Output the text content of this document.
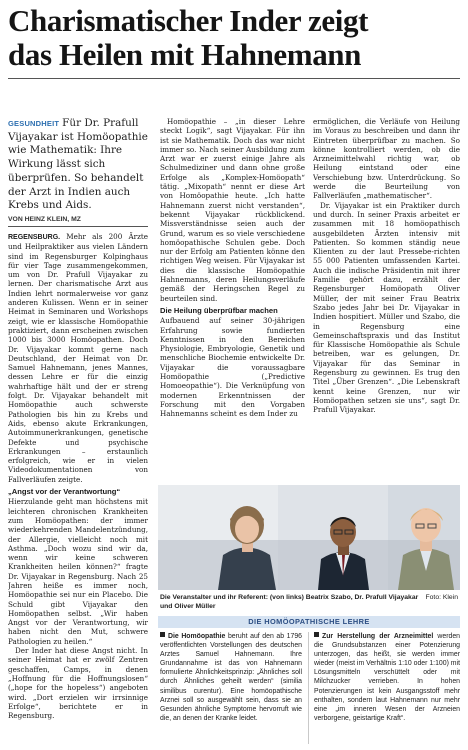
Charismatischer Inder zeigt
das Heilen mit Hahnemann
GESUNDHEIT Für Dr. Prafull Vijayakar ist Homöopathie wie Mathematik: Ihre Wirkung lässt sich überprüfen. So behandelt der Arzt in Indien auch Krebs und Aids.
VON HEINZ KLEIN, MZ

REGENSBURG. Mehr als 200 Ärzte und Heilpraktiker aus vielen Ländern sind im Regensburger Kolpinghaus für vier Tage zusammengekommen, um von Dr. Prafull Vijayakar zu lernen. Der charismatische Arzt aus Indien lehrt normalerweise vor ganz anderen Kulissen. Wenn er in seiner Heimat in Seminaren und Workshops zeigt, wie er klassische Homöopathie praktiziert, dann erscheinen zwischen 1000 bis 3000 Homöopathen. Doch Dr. Vijayakar kommt gerne nach Deutschland, der Heimat von Dr. Samuel Hahnemann, jenes Mannes, dessen Lehre er für die einzig wahrhaftige hält und der er streng folgt. Dr. Vijayakar behandelt mit Homöopathie auch schwerste Pathologien bis hin zu Krebs und Aids, ebenso akute Erkrankungen, Autoimmunerkrankungen, genetische Defekte und psychische Erkrankungen – erstaunlich erfolgreich, wie er in vielen Videodokumentationen von Fallverläufen zeigte.

„Angst vor der Verantwortung“

Hierzulande geht man höchstens mit leichteren chronischen Krankheiten zum Homöopathen: der immer wiederkehrenden Mandelentzündung, der Allergie, vielleicht noch mit Asthma. „Doch wozu sind wir da, wenn wir keine schweren Krankheiten heilen können?“ fragte Dr. Vijayakar in Regensburg. Nach 25 Jahren heiße es immer noch, Homöopathie sei nur ein Placebo. Die Schuld gibt Vijayakar den Homöopathen selbst. „Wir haben Angst vor der Verantwortung, wir haben nicht den Mut, schwere Pathologien zu heilen.“

Der Inder hat diese Angst nicht. In seiner Heimat hat er zwölf Zentren geschaffen, Camps, in denen „Hoffnung für die Hoffnungslosen“ („hope for the hopeless“) angeboten wird. „Dort erzielen wir irrsinnige Erfolge“, berichtete er in Regensburg.

Homöopathie – „in dieser Lehre steckt Logik“, sagt Vijayakar. Für ihn ist sie Mathematik. Doch das war nicht immer so. Nach seiner Ausbildung zum Arzt war er zuerst einige Jahre als Schulmediziner und dann ohne große Erfolge als „Komplex-Homöopath“ tätig. „Mixopath“ nennt er diese Art von Homöopathie heute. „Ich hatte Hahnemann zuerst nicht verstanden“, bekennt Vijayakar rückblickend. Missverständnisse seien auch der Grund, warum es so viele verschiedene homöopathische Schulen gebe. Doch nur der Erfolg am Patienten könne den richtigen Weg weisen. Für Vijayakar ist dies die klassische Homöopathie Hahnemanns, deren Heilungsverläufe gemäß der Heringschen Regel zu beurteilen sind.

Die Heilung überprüfbar machen

Aufbauend auf seiner 30-jährigen Erfahrung sowie fundierten Kenntnissen in den Bereichen Physiologie, Embryologie, Genetik und menschliche Biochemie entwickelte Dr. Vijayakar die voraussagbare Homöopathie („Predictive Homoeopathie“). Die Verknüpfung von modernen Erkenntnissen der Forschung mit den Vorgaben Hahnemanns scheint es dem Inder zu

ermöglichen, die Verläufe von Heilung im Voraus zu beschreiben und dann ihr Eintreten überprüfbar zu machen. So könne kontrolliert werden, ob die Arzneimittelwahl richtig war, ob Heilung eintstand oder eine Verschiebung bzw. Unterdrückung. So werde die Beurteilung von Fallverläufen „mathematischer“.

Dr. Vijayakar ist ein Praktiker durch und durch. In seiner Praxis arbeitet er zusammen mit 18 homöopathisch ausgebildeten Ärzten intensiv mit Patienten. So kommen ständig neue Klienten zu der laut Pressebe-richten 55 000 Patienten umfassenden Kartei. Auch die indische Präsidentin mit ihrer Familie gehört dazu, erzählt der Regensburger Homöopath Oliver Müller, der mit seiner Frau Beatrix Szabo jedes Jahr bei Dr. Vijayakar in Indien hospitiert. Müller und Szabo, die in Regensburg eine Gemeinschaftspraxis und das Institut für Klassische Homöopathie als Schule betreiben, war es gelungen, Dr. Vijayakar für das Seminar in Regensburg zu gewinnen. Es trug den Titel „Über Grenzen“. „Die Lebenskraft kennt keine Grenzen, nur wir Homöopathen setzen sie uns“, sagt Dr. Prafull Vijayakar.

Foto: Klein
Die Veranstalter und ihr Referent: (von links) Beatrix Szabo, Dr. Prafull Vijayakar und Oliver Müller
DIE HOMÖOPATHISCHE LEHRE
Die Homöopathie beruht auf den ab 1796 veröffentlichten Vorstellungen des deutschen Arztes Samuel Hahnemann. Ihre Grundannahme ist das von Hahnemann formulierte Ähnlichkeitsprinzip: „Ähnliches soll durch Ähnliches geheilt werden“ (similia similibus curentur). Eine homöopathische Arznei soll so ausgewählt sein, dass sie an Gesunden ähnliche Symptome hervorruft wie die, an denen der Kranke leidet.
Zur Herstellung der Arzneimittel werden die Grundsubstanzen einer Potenzierung unterzogen, das heißt, sie werden immer wieder (meist im Verhältnis 1:10 oder 1:100) mit Lösungsmitteln verschüttelt oder mit Milchzucker verrieben. In hohen Potenzierungen ist kein Ausgangsstoff mehr enthalten, sondern laut Hahnemann nur mehr eine „im inneren Wesen der Arzneien verborgene, geistartige Kraft“.
